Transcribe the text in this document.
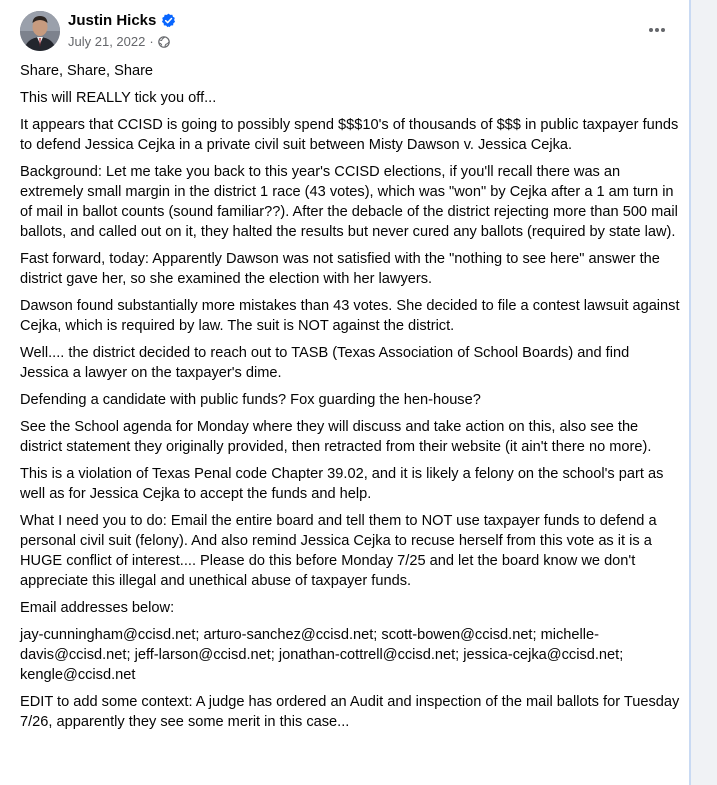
Justin Hicks
July 21, 2022 ·

Share, Share, Share

This will REALLY tick you off...

It appears that CCISD is going to possibly spend $$$10's of thousands of $$$ in public taxpayer funds to defend Jessica Cejka in a private civil suit between Misty Dawson v. Jessica Cejka.

Background: Let me take you back to this year's CCISD elections, if you'll recall there was an extremely small margin in the district 1 race (43 votes), which was "won" by Cejka after a 1 am turn in of mail in ballot counts (sound familiar??). After the debacle of the district rejecting more than 500 mail ballots, and called out on it, they halted the results but never cured any ballots (required by state law).

Fast forward, today: Apparently Dawson was not satisfied with the "nothing to see here" answer the district gave her, so she examined the election with her lawyers.

Dawson found substantially more mistakes than 43 votes. She decided to file a contest lawsuit against Cejka, which is required by law. The suit is NOT against the district.

Well.... the district decided to reach out to TASB (Texas Association of School Boards) and find Jessica a lawyer on the taxpayer's dime.

Defending a candidate with public funds? Fox guarding the hen-house?

See the School agenda for Monday where they will discuss and take action on this, also see the district statement they originally provided, then retracted from their website (it ain't there no more).

This is a violation of Texas Penal code Chapter 39.02, and it is likely a felony on the school's part as well as for Jessica Cejka to accept the funds and help.

What I need you to do: Email the entire board and tell them to NOT use taxpayer funds to defend a personal civil suit (felony). And also remind Jessica Cejka to recuse herself from this vote as it is a HUGE conflict of interest.... Please do this before Monday 7/25 and let the board know we don't appreciate this illegal and unethical abuse of taxpayer funds.

Email addresses below:

jay-cunningham@ccisd.net; arturo-sanchez@ccisd.net; scott-bowen@ccisd.net; michelle-davis@ccisd.net; jeff-larson@ccisd.net; jonathan-cottrell@ccisd.net; jessica-cejka@ccisd.net; kengle@ccisd.net

EDIT to add some context: A judge has ordered an Audit and inspection of the mail ballots for Tuesday 7/26, apparently they see some merit in this case...
